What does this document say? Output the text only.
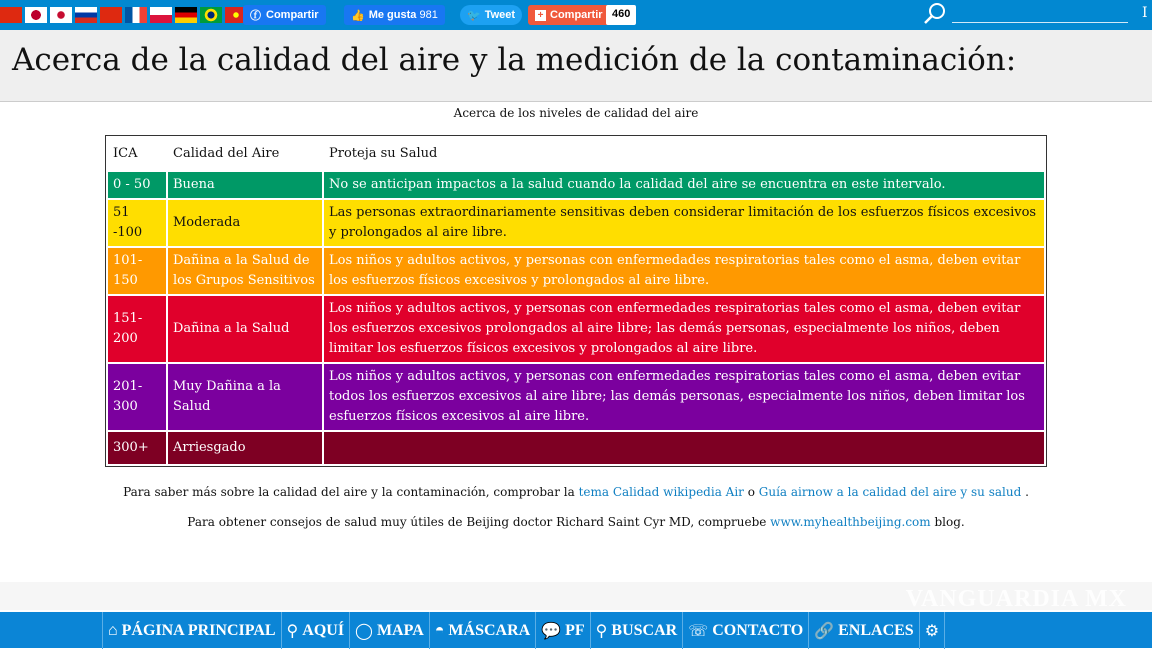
ⓕ Compartir	👍 Me gusta
981	🐦 Tweet + Compartir 460	I
Acerca de la calidad del aire y la medición de la contaminación:
Acerca de los niveles de calidad del aire
ICA	Calidad del Aire	Proteja su Salud
0 - 50	Buena	No se anticipan impactos a la salud cuando la calidad del aire se encuentra en este intervalo.
51 -100	Moderada	Las personas extraordinariamente sensitivas deben considerar limitación de los esfuerzos físicos excesivos y prolongados al aire libre.
101-150	Dañina a la Salud de los Grupos Sensitivos	Los niños y adultos activos, y personas con enfermedades respiratorias tales como el asma, deben evitar los esfuerzos físicos excesivos y prolongados al aire libre.
151-200	Dañina a la Salud	Los niños y adultos activos, y personas con enfermedades respiratorias tales como el asma, deben evitar los esfuerzos excesivos prolongados al aire libre; las demás personas, especialmente los niños, deben limitar los esfuerzos físicos excesivos y prolongados al aire libre.
201-300	Muy Dañina a la Salud	Los niños y adultos activos, y personas con enfermedades respiratorias tales como el asma, deben evitar todos los esfuerzos excesivos al aire libre; las demás personas, especialmente los niños, deben limitar los esfuerzos físicos excesivos al aire libre.
300+	Arriesgado	
Para saber más sobre la calidad del aire y la contaminación, comprobar la tema Calidad wikipedia Air o Guía airnow a la calidad del aire y su salud .
Para obtener consejos de salud muy útiles de Beijing doctor Richard Saint Cyr MD, compruebe www.myhealthbeijing.com blog.
⌂ PÁGINA PRINCIPAL ⚲ AQUÍ ◯ MAPA ◓ MÁSCARA 💬 PF ⚲ BUSCAR ☏ CONTACTO 🔗 ENLACES ⚙
VANGUARDIA MX
